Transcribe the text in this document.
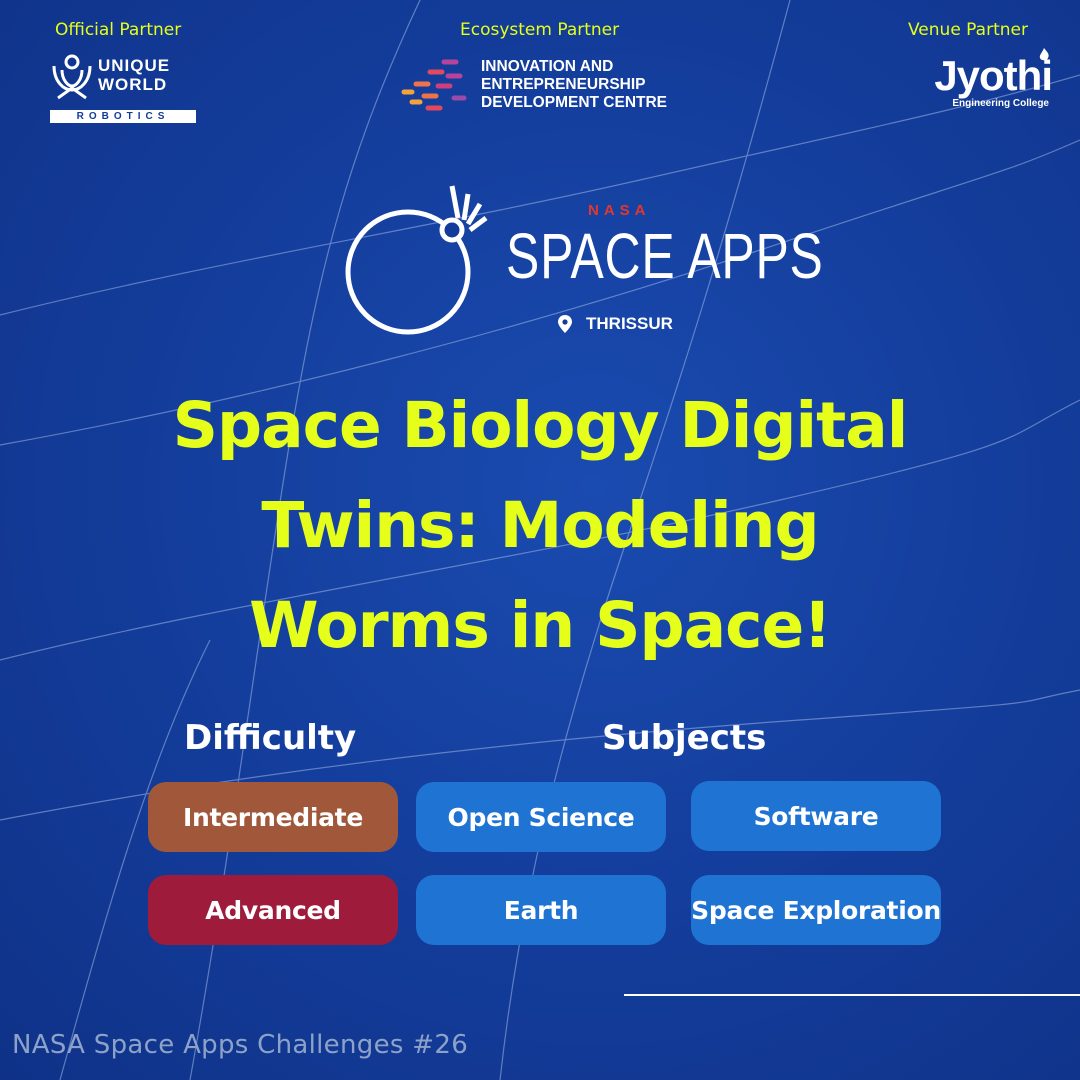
Official Partner	Ecosystem Partner	Venue Partner
UNIQUE
WORLD
ROBOTICS
INNOVATION AND
ENTREPRENEURSHIP
DEVELOPMENT CENTRE
Jyothi
Engineering College
NASA
SPACE APPS
THRISSUR
Space Biology Digital
Twins: Modeling
Worms in Space!
Difficulty	Subjects
Intermediate
Advanced
Open Science	Software
Earth	Space Exploration
NASA Space Apps Challenges #26
